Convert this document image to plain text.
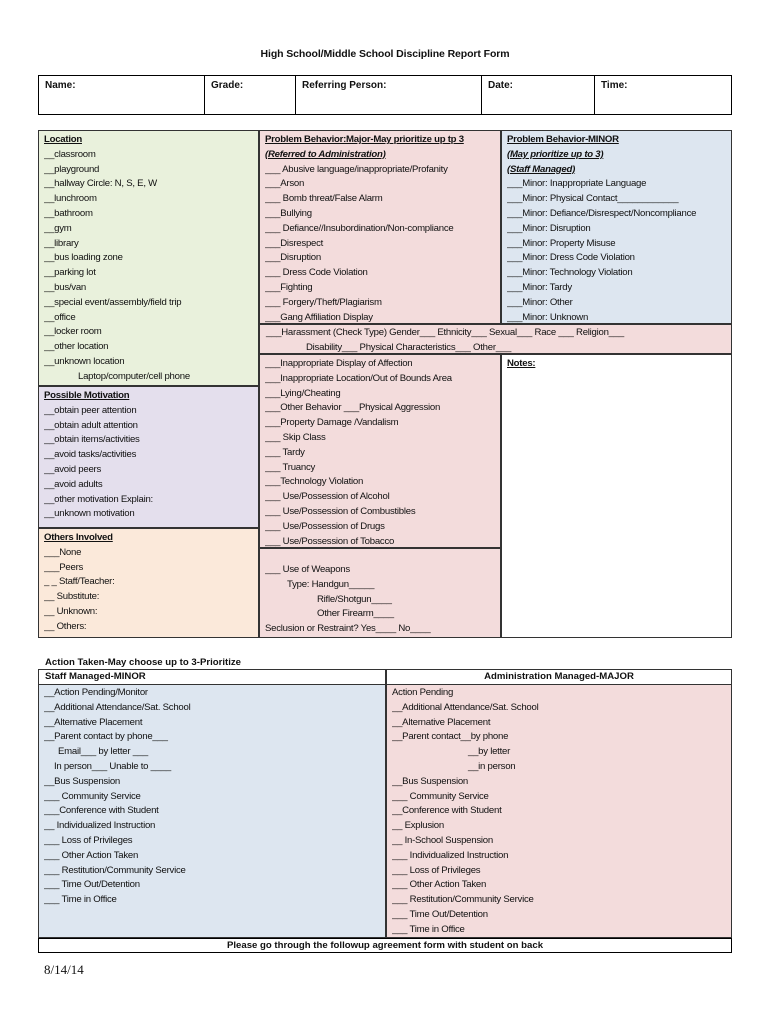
High School/Middle School Discipline Report Form
Name:	Grade:	Referring Person:	Date:	Time:
Location
__classroom
__playground
__hallway Circle: N, S, E, W
__lunchroom
__bathroom
__gym
__library
__bus loading zone
__parking lot
__bus/van
__special event/assembly/field trip
__office
__locker room
__other location
__unknown location
Laptop/computer/cell phone
Possible Motivation
__obtain peer attention
__obtain adult attention
__obtain items/activities
__avoid tasks/activities
__avoid peers
__avoid adults
__other motivation Explain:
__unknown motivation
Others Involved
___None
___Peers
_ _ Staff/Teacher:
__ Substitute:
__ Unknown:
__ Others:
Problem Behavior:Major-May prioritize up tp 3
(Referred to Administration)
___ Abusive language/inappropriate/Profanity
___Arson
___ Bomb threat/False Alarm
___Bullying
___ Defiance//Insubordination/Non-compliance
___Disrespect
___Disruption
___ Dress Code Violation
___Fighting
___ Forgery/Theft/Plagiarism
___Gang Affiliation Display
Problem Behavior-MINOR
(May prioritize up to 3)
(Staff Managed)
___Minor: Inappropriate Language
___Minor: Physical Contact____________
___Minor: Defiance/Disrespect/Noncompliance
___Minor: Disruption
___Minor: Property Misuse
___Minor: Dress Code Violation
___Minor: Technology Violation
___Minor: Tardy
___Minor: Other
___Minor: Unknown
___Harassment (Check Type) Gender___ Ethnicity___ Sexual___ Race ___ Religion___
Disability___ Physical Characteristics___ Other___
___Inappropriate Display of Affection
___Inappropriate Location/Out of Bounds Area
___Lying/Cheating
___Other Behavior ___Physical Aggression
___Property Damage /Vandalism
___ Skip Class
___ Tardy
___ Truancy
___Technology Violation
___ Use/Possession of Alcohol
___ Use/Possession of Combustibles
___ Use/Possession of Drugs
___ Use/Possession of Tobacco
___ Use of Weapons
Type: Handgun_____
Rifle/Shotgun____
Other Firearm____
Seclusion or Restraint? Yes____ No____
Notes:
Action Taken-May choose up to 3-Prioritize
Staff Managed-MINOR
__Action Pending/Monitor
__Additional Attendance/Sat. School
__Alternative Placement
__Parent contact by phone___
Email___ by letter ___
In person___ Unable to ____
__Bus Suspension
___ Community Service
___Conference with Student
__ Individualized Instruction
___ Loss of Privileges
___ Other Action Taken
___ Restitution/Community Service
___ Time Out/Detention
___ Time in Office
Administration Managed-MAJOR
Action Pending
__Additional Attendance/Sat. School
__Alternative Placement
__Parent contact__by phone
__by letter
__in person
__Bus Suspension
___ Community Service
__Conference with Student
__ Explusion
__ In-School Suspension
___ Individualized Instruction
___ Loss of Privileges
___ Other Action Taken
___ Restitution/Community Service
___ Time Out/Detention
___ Time in Office
Please go through the followup agreement form with student on back
8/14/14
